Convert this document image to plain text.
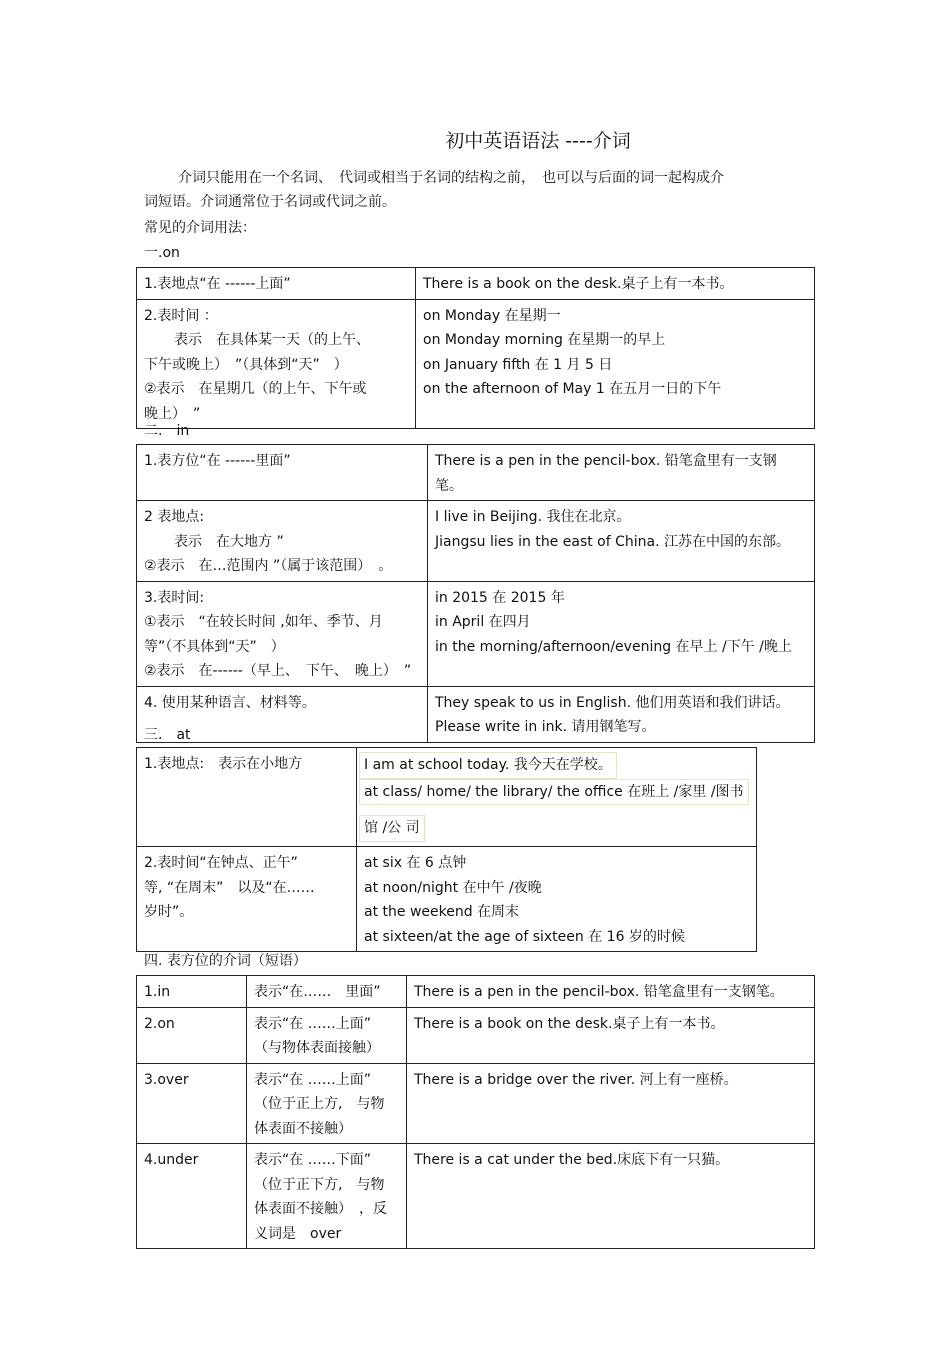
初中英语语法 ----介词
介词只能用在一个名词、　代词或相当于名词的结构之前，　也可以与后面的词一起构成介
词短语。介词通常位于名词或代词之前。
常见的介词用法：
一.on
1.表地点“在 ------上面”	There is a book on the desk.桌子上有一本书。

2.表时间 ：
表示　在具体某一天（的上午、
下午或晚上）　”（具体到“天”　）
②表示　在星期几（的上午、下午或
晚上）　”	on Monday 在星期一
on Monday morning 在星期一的早上
on January fifth 在 1 月 5 日
on the afternoon of May 1 在五月一日的下午
二.　in
1.表方位“在 ------里面”	There is a pen in the pencil-box. 铅笔盒里有一支钢
笔。

2 表地点:
表示　在大地方 ”
②表示　在…范围内 ”（属于该范围）　。	I live in Beijing. 我住在北京。
Jiangsu lies in the east of China. 江苏在中国的东部。

3.表时间:
①表示　“在较长时间 ,如年、季节、月
等”（不具体到“天”　）
②表示　在------（早上、　下午、　晚上）　”	in 2015 在 2015 年
in April 在四月
in the morning/afternoon/evening 在早上 /下午 /晚上

4. 使用某种语言、材料等。	They speak to us in English. 他们用英语和我们讲话。
Please write in ink. 请用钢笔写。
三.　at
1.表地点:　表示在小地方	I am at school today. 我今天在学校。
at class/ home/ the library/ the office 在班上 /家里 /图书
馆 /公 司

2.表时间“在钟点、正午”
等, “在周末”　以及“在……
岁时”。	at six 在 6 点钟
at noon/night 在中午 /夜晚
at the weekend 在周末
at sixteen/at the age of sixteen 在 16 岁的时候
四. 表方位的介词（短语）
1.in	表示“在……　里面”	There is a pen in the pencil-box. 铅笔盒里有一支钢笔。

2.on	表示“在 ……上面”
（与物体表面接触）	There is a book on the desk.桌子上有一本书。

3.over	表示“在 ……上面”
（位于正上方,　与物
体表面不接触）	There is a bridge over the river. 河上有一座桥。

4.under	表示“在 ……下面”
（位于正下方,　与物
体表面不接触）　，反
义词是　over	There is a cat under the bed.床底下有一只猫。
